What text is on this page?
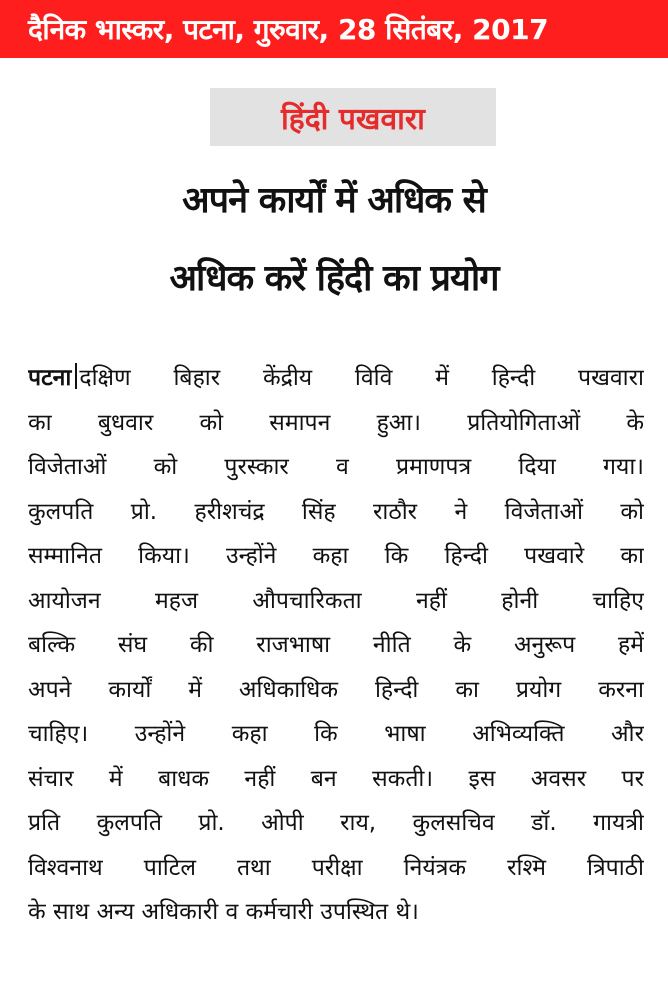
दैनिक भास्कर, पटना, गुरुवार, 28 सितंबर, 2017
हिंदी पखवारा
अपने कार्यों में अधिक से
अधिक करें हिंदी का प्रयोग
पटना दक्षिण बिहार केंद्रीय विवि में हिन्दी पखवारा
का बुधवार को समापन हुआ। प्रतियोगिताओं के
विजेताओं को पुरस्कार व प्रमाणपत्र दिया गया।
कुलपति प्रो. हरीशचंद्र सिंह राठौर ने विजेताओं को
सम्मानित किया। उन्होंने कहा कि हिन्दी पखवारे का
आयोजन महज औपचारिकता नहीं होनी चाहिए
बल्कि संघ की राजभाषा नीति के अनुरूप हमें
अपने कार्यों में अधिकाधिक हिन्दी का प्रयोग करना
चाहिए। उन्होंने कहा कि भाषा अभिव्यक्ति और
संचार में बाधक नहीं बन सकती। इस अवसर पर
प्रति कुलपति प्रो. ओपी राय, कुलसचिव डॉ. गायत्री
विश्वनाथ पाटिल तथा परीक्षा नियंत्रक रश्मि त्रिपाठी
के साथ अन्य अधिकारी व कर्मचारी उपस्थित थे।
